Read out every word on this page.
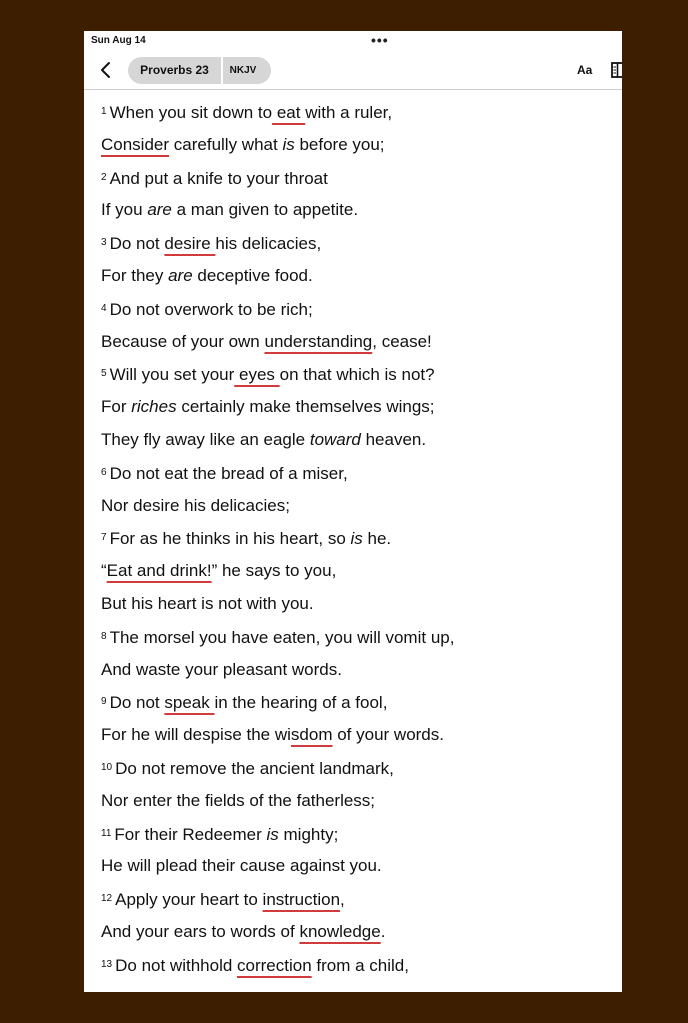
Sun Aug 14	•••
Proverbs 23	NKJV	Aa
$^1$ When you sit down to eat with a ruler,
Consider carefully what is before you;
$^2$ And put a knife to your throat
If you are a man given to appetite.
$^3$ Do not desire his delicacies,
For they are deceptive food.
$^4$ Do not overwork to be rich;
Because of your own understanding, cease!
$^5$ Will you set your eyes on that which is not?
For riches certainly make themselves wings;
They fly away like an eagle toward heaven.
$^6$ Do not eat the bread of a miser,
Nor desire his delicacies;
$^7$ For as he thinks in his heart, so is he.
“Eat and drink!” he says to you,
But his heart is not with you.
$^8$ The morsel you have eaten, you will vomit up,
And waste your pleasant words.
$^9$ Do not speak in the hearing of a fool,
For he will despise the wisdom of your words.
$^{10}$ Do not remove the ancient landmark,
Nor enter the fields of the fatherless;
$^{11}$ For their Redeemer is mighty;
He will plead their cause against you.
$^{12}$ Apply your heart to instruction,
And your ears to words of knowledge.
$^{13}$ Do not withhold correction from a child,
